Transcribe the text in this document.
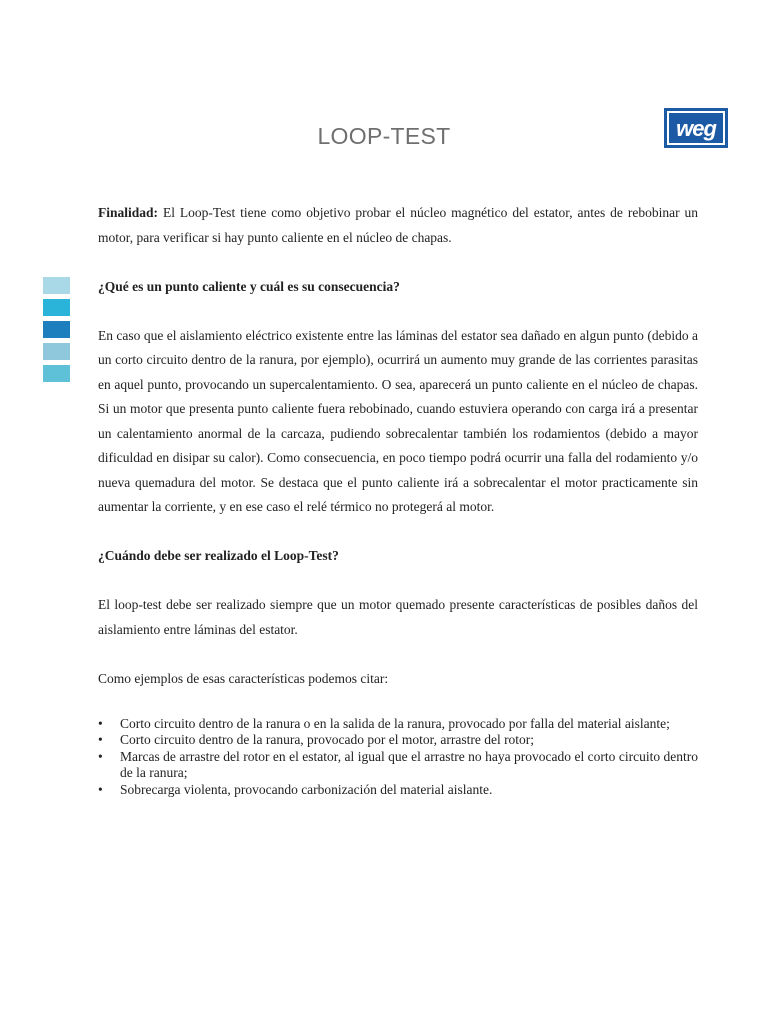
LOOP-TEST	weg

Finalidad: El Loop-Test tiene como objetivo probar el núcleo magnético del estator, antes de rebobinar un motor, para verificar si hay punto caliente en el núcleo de chapas.

¿Qué es un punto caliente y cuál es su consecuencia?

En caso que el aislamiento eléctrico existente entre las láminas del estator sea dañado en algun punto (debido a un corto circuito dentro de la ranura, por ejemplo), ocurrirá un aumento muy grande de las corrientes parasitas en aquel punto, provocando un supercalentamiento. O sea, aparecerá un punto caliente en el núcleo de chapas. Si un motor que presenta punto caliente fuera rebobinado, cuando estuviera operando con carga irá a presentar un calentamiento anormal de la carcaza, pudiendo sobrecalentar también los rodamientos (debido a mayor dificuldad en disipar su calor). Como consecuencia, en poco tiempo podrá ocurrir una falla del rodamiento y/o nueva quemadura del motor. Se destaca que el punto caliente irá a sobrecalentar el motor practicamente sin aumentar la corriente, y en ese caso el relé térmico no protegerá al motor.

¿Cuándo debe ser realizado el Loop-Test?

El loop-test debe ser realizado siempre que un motor quemado presente características de posibles daños del aislamiento entre láminas del estator.

Como ejemplos de esas características podemos citar:

• Corto circuito dentro de la ranura o en la salida de la ranura, provocado por falla del material aislante;
• Corto circuito dentro de la ranura, provocado por el motor, arrastre del rotor;
• Marcas de arrastre del rotor en el estator, al igual que el arrastre no haya provocado el corto circuito dentro de la ranura;
• Sobrecarga violenta, provocando carbonización del material aislante.
